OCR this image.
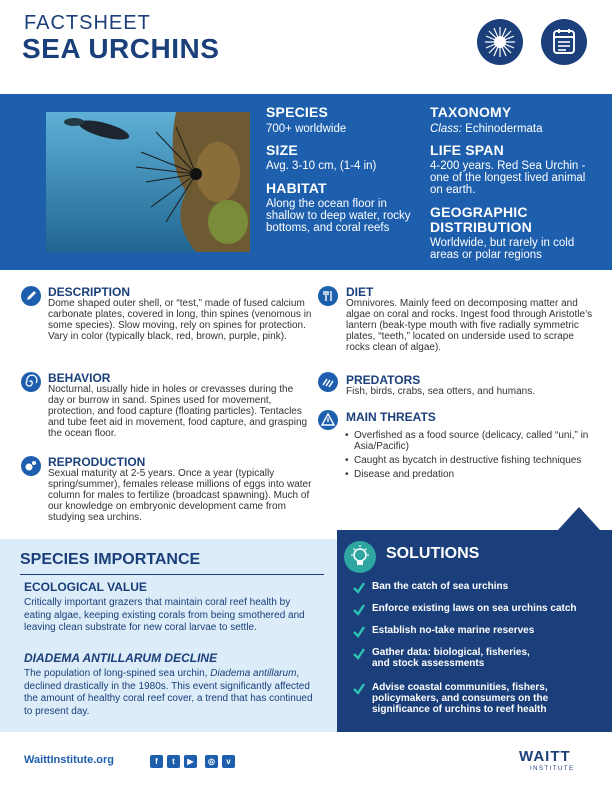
FACTSHEET
SEA URCHINS
SPECIES
700+ worldwide
SIZE
Avg. 3-10 cm, (1-4 in)
HABITAT
Along the ocean floor in shallow to deep water, rocky bottoms, and coral reefs
TAXONOMY
Class: Echinodermata
LIFE SPAN
4-200 years. Red Sea Urchin - one of the longest lived animal on earth.
GEOGRAPHIC DISTRIBUTION
Worldwide, but rarely in cold areas or polar regions
DESCRIPTION
Dome shaped outer shell, or “test,” made of fused calcium carbonate plates, covered in long, thin spines (venomous in some species). Slow moving, rely on spines for protection. Vary in color (typically black, red, brown, purple, pink).
BEHAVIOR
Nocturnal, usually hide in holes or crevasses during the day or burrow in sand. Spines used for movement, protection, and food capture (floating particles). Tentacles and tube feet aid in movement, food capture, and grasping the ocean floor.
REPRODUCTION
Sexual maturity at 2-5 years. Once a year (typically spring/summer), females release millions of eggs into water column for males to fertilize (broadcast spawning). Much of our knowledge on embryonic development came from studying sea urchins.
DIET
Omnivores. Mainly feed on decomposing matter and algae on coral and rocks. Ingest food through Aristotle’s lantern (beak-type mouth with five radially symmetric plates, “teeth,” located on underside used to scrape rocks clean of algae).
PREDATORS
Fish, birds, crabs, sea otters, and humans.
MAIN THREATS
• Overfished as a food source (delicacy, called “uni,” in Asia/Pacific)
• Caught as bycatch in destructive fishing techniques
• Disease and predation
SPECIES IMPORTANCE
ECOLOGICAL VALUE
Critically important grazers that maintain coral reef health by eating algae, keeping existing corals from being smothered and leaving clean substrate for new coral larvae to settle.
DIADEMA ANTILLARUM DECLINE
The population of long-spined sea urchin, Diadema antillarum, declined drastically in the 1980s. This event significantly affected the amount of healthy coral reef cover, a trend that has continued to present day.
SOLUTIONS
Ban the catch of sea urchins
Enforce existing laws on sea urchins catch
Establish no-take marine reserves
Gather data: biological, fisheries, and stock assessments
Advise coastal communities, fishers, policymakers, and consumers on the significance of urchins to reef health
WaittInstitute.org	f	t	▶	◎	v	WAITT
INSTITUTE
